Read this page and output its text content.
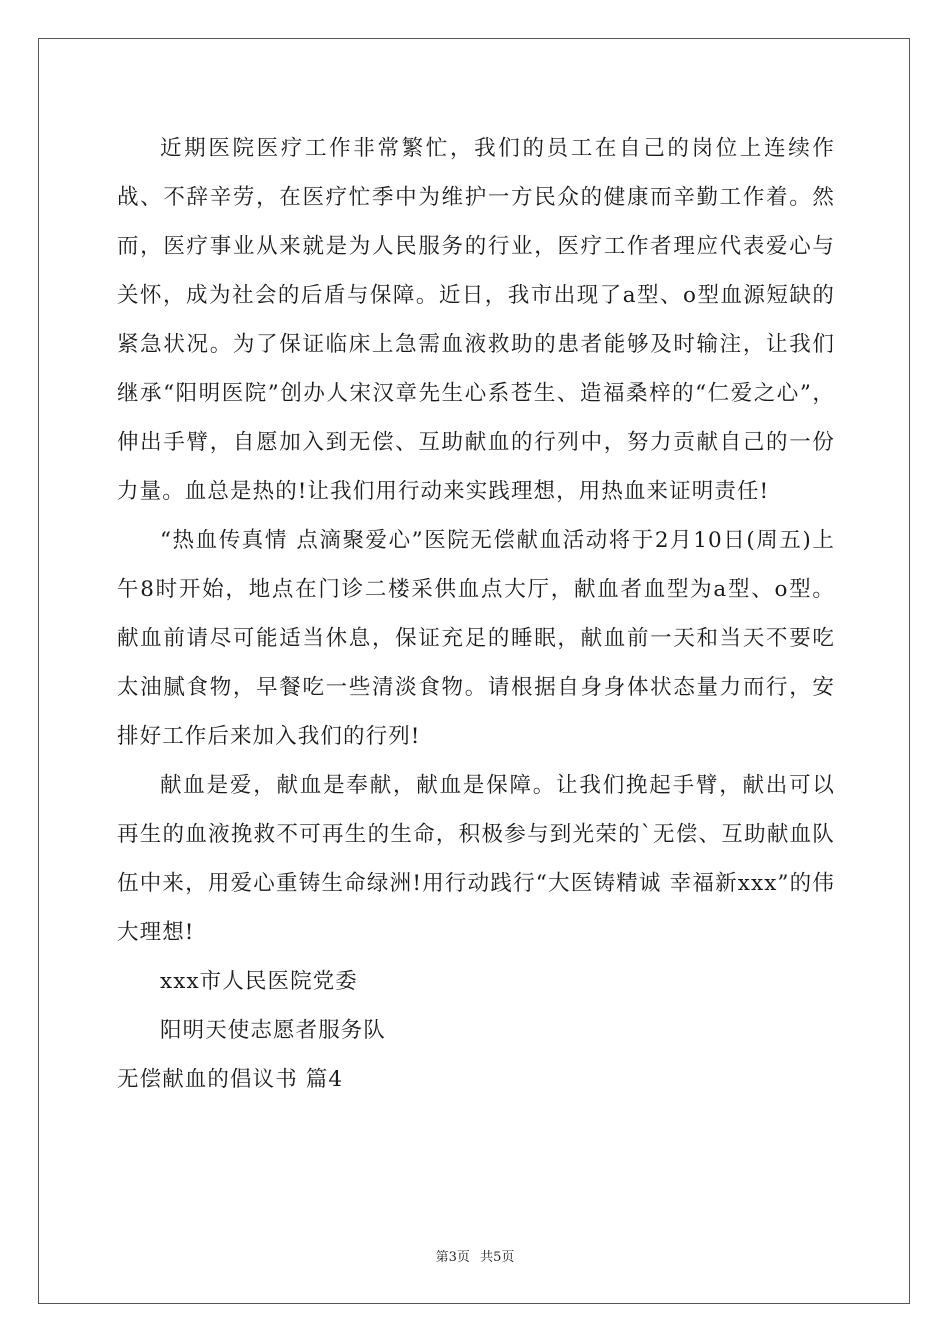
近期医院医疗工作非常繁忙，我们的员工在自己的岗位上连续作战、不辞辛劳，在医疗忙季中为维护一方民众的健康而辛勤工作着。然而，医疗事业从来就是为人民服务的行业，医疗工作者理应代表爱心与关怀，成为社会的后盾与保障。近日，我市出现了a型、o型血源短缺的紧急状况。为了保证临床上急需血液救助的患者能够及时输注，让我们继承“阳明医院”创办人宋汉章先生心系苍生、造福桑梓的“仁爱之心”，伸出手臂，自愿加入到无偿、互助献血的行列中，努力贡献自己的一份力量。血总是热的!让我们用行动来实践理想，用热血来证明责任!

“热血传真情 点滴聚爱心”医院无偿献血活动将于2月10日(周五)上午8时开始，地点在门诊二楼采供血点大厅，献血者血型为a型、o型。献血前请尽可能适当休息，保证充足的睡眠，献血前一天和当天不要吃太油腻食物，早餐吃一些清淡食物。请根据自身身体状态量力而行，安排好工作后来加入我们的行列!

献血是爱，献血是奉献，献血是保障。让我们挽起手臂，献出可以再生的血液挽救不可再生的生命，积极参与到光荣的`无偿、互助献血队伍中来，用爱心重铸生命绿洲!用行动践行“大医铸精诚 幸福新xxx”的伟大理想!

xxx市人民医院党委

阳明天使志愿者服务队

无偿献血的倡议书 篇4
第3页 共5页
